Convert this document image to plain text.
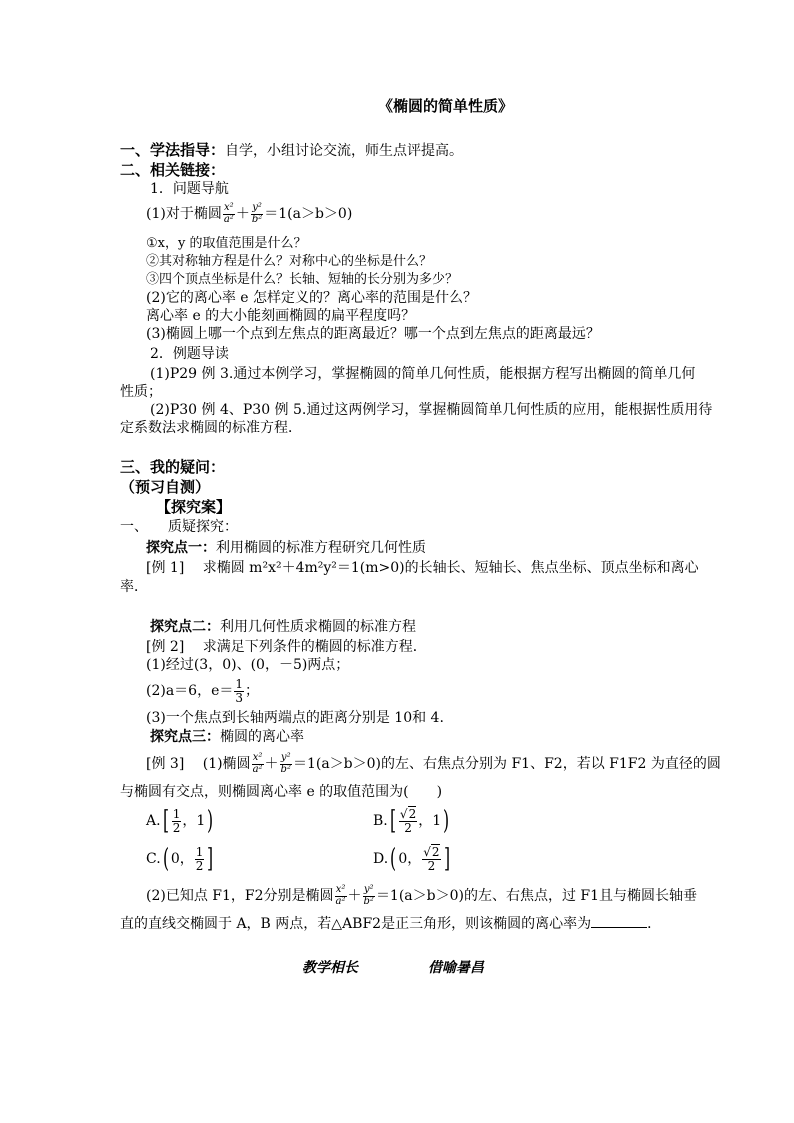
《椭圆的简单性质》
一、学法指导：自学，小组讨论交流，师生点评提高。
二、相关链接：
1．问题导航
(1)对于椭圆 $\frac{\text{x²}}{\text{a²}} + \frac{\text{y²}}{\text{b²}} =1(a>b>0)$
①x，y 的取值范围是什么？
②其对称轴方程是什么？对称中心的坐标是什么？
③四个顶点坐标是什么？长轴、短轴的长分别为多少？
(2)它的离心率 e 怎样定义的？离心率的范围是什么？
离心率 e 的大小能刻画椭圆的扁平程度吗？
(3)椭圆上哪一个点到左焦点的距离最近？哪一个点到左焦点的距离最远？
2．例题导读
(1)P29 例 3.通过本例学习，掌握椭圆的简单几何性质，能根据方程写出椭圆的简单几何
性质；
(2)P30 例 4、P30 例 5.通过这两例学习，掌握椭圆简单几何性质的应用，能根据性质用待
定系数法求椭圆的标准方程．
三、我的疑问：
（预习自测）
【探究案】
一、 质疑探究：
探究点一：利用椭圆的标准方程研究几何性质
[例 1]　 求椭圆 m²x²＋4m²y²＝1(m>0)的长轴长、短轴长、焦点坐标、顶点坐标和离心
率．
探究点二：利用几何性质求椭圆的标准方程
[例 2]　 求满足下列条件的椭圆的标准方程．
(1)经过(3，0)、(0，－5)两点；
(2)a＝6，$e= \frac{1}{3}$ ；
(3)一个焦点到长轴两端点的距离分别是 10和 4.
探究点三：椭圆的离心率
[例 3]　 (1)椭圆 $\frac{\text{x²}}{\text{a²}} + \frac{\text{y²}}{\text{b²}} =1(a>b>0)$的左、右焦点分别为 F1、F2，若以 F1F2 为直径的圆
与椭圆有交点，则椭圆离心率 e 的取值范围为(　　)
$A.[ \frac{1}{2}$ ，1)	$B.[ \frac{√2}{2}$ ，1)
C.( 0， $\frac{1}{2}$ ]	D.( 0， $\frac{√2}{2}$ ]
(2)已知点 F1，F2分别是椭圆 $\frac{\text{x²}}{\text{a²}} + \frac{\text{y²}}{\text{b²}} =1(a>b>0)$的左、右焦点，过 F1且与椭圆长轴垂
直的直线交椭圆于 A，B 两点，若△ABF2是正三角形，则该椭圆的离心率为	．
教学相长	借喻暑昌
